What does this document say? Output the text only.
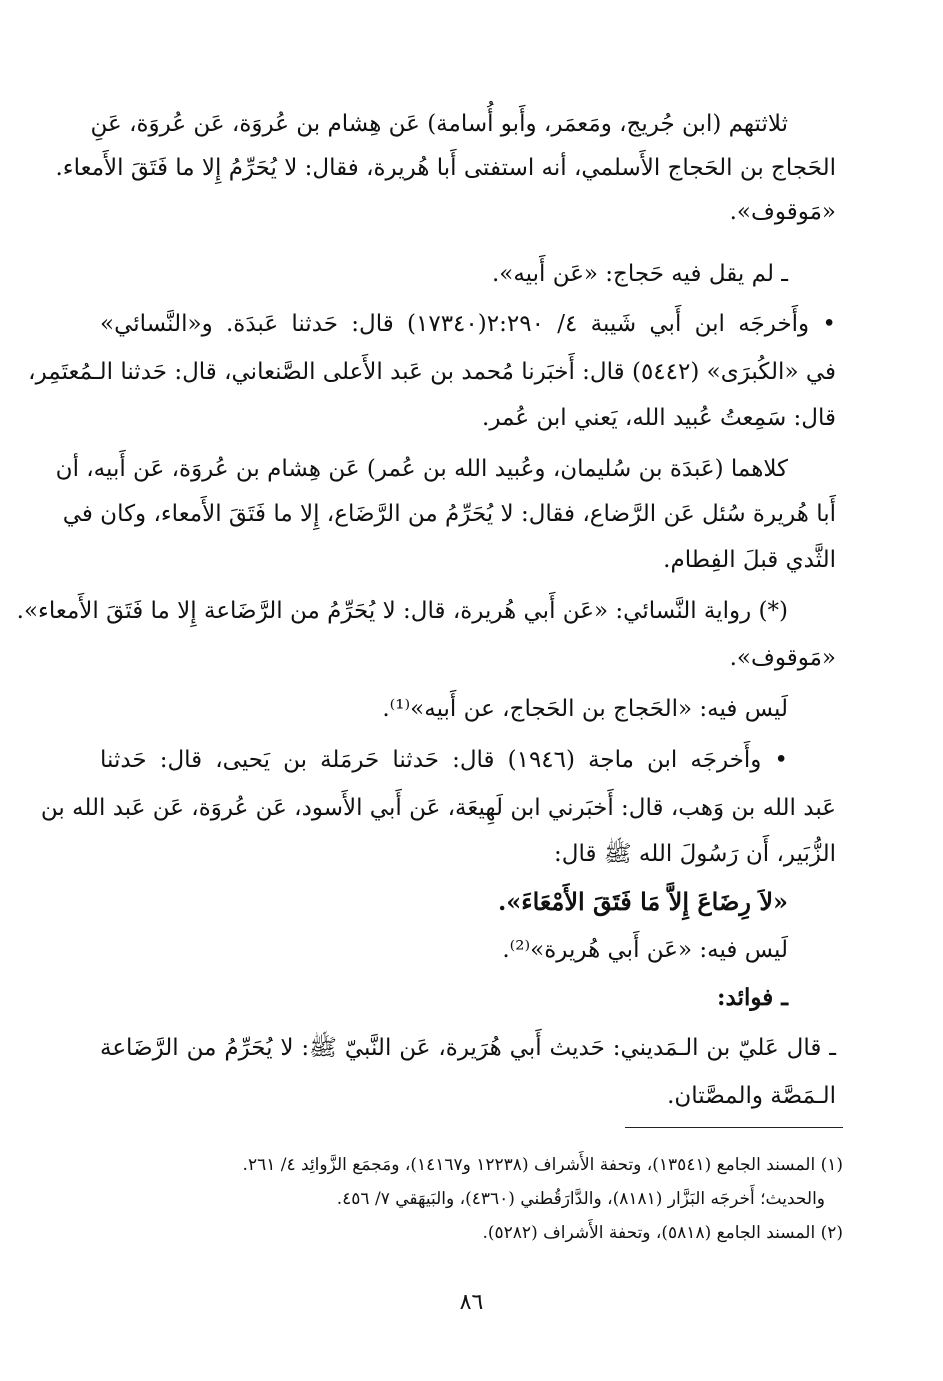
ثلاثتهم (ابن جُريج، ومَعمَر، وأَبو أُسامة) عَن هِشام بن عُروَة، عَن عُروَة، عَنِ
الحَجاج بن الحَجاج الأَسلمي، أنه استفتى أَبا هُريرة، فقال: لا يُحَرِّمُ إِلا ما فَتَقَ الأَمعاء.
«مَوقوف».
ـ لم يقل فيه حَجاج: «عَن أَبيه».
• وأَخرجَه ابن أَبي شَيبة ٤/ ٢:٢٩٠(١٧٣٤٠) قال: حَدثنا عَبدَة. و«النَّسائي»
في «الكُبرَى» (٥٤٤٢) قال: أَخبَرنا مُحمد بن عَبد الأَعلى الصَّنعاني، قال: حَدثنا الـمُعتَمِر،
قال: سَمِعتُ عُبيد الله، يَعني ابن عُمر.
كلاهما (عَبدَة بن سُليمان، وعُبيد الله بن عُمر) عَن هِشام بن عُروَة، عَن أَبيه، أن
أَبا هُريرة سُئل عَن الرَّضاع، فقال: لا يُحَرِّمُ من الرَّضَاع، إِلا ما فَتَقَ الأَمعاء، وكان في
الثَّدي قبلَ الفِطام.
(*) رواية النَّسائي: «عَن أَبي هُريرة، قال: لا يُحَرِّمُ من الرَّضَاعة إِلا ما فَتَقَ الأَمعاء».
«مَوقوف».
لَيس فيه: «الحَجاج بن الحَجاج، عن أَبيه»⁽¹⁾.
• وأَخرجَه ابن ماجة (١٩٤٦) قال: حَدثنا حَرمَلة بن يَحيى، قال: حَدثنا
عَبد الله بن وَهب، قال: أَخبَرني ابن لَهِيعَة، عَن أَبي الأَسود، عَن عُروَة، عَن عَبد الله بن
الزُّبَير، أَن رَسُولَ الله ﷺ قال:
«لاَ رِضَاعَ إِلاَّ مَا فَتَقَ الأَمْعَاءَ».
لَيس فيه: «عَن أَبي هُريرة»⁽²⁾.
ـ فوائد:
ـ قال عَليّ بن الـمَديني: حَديث أَبي هُرَيرة، عَن النَّبيّ ﷺ: لا يُحَرِّمُ من الرَّضَاعة
الـمَصَّة والمصَّتان.
(١) المسند الجامع (١٣٥٤١)، وتحفة الأَشراف (١٢٢٣٨ و١٤١٦٧)، ومَجمَع الزَّوائِد ٤/ ٢٦١.
والحديث؛ أَخرجَه البَزَّار (٨١٨١)، والدَّارَقُطني (٤٣٦٠)، والبَيهَقي ٧/ ٤٥٦.
(٢) المسند الجامع (٥٨١٨)، وتحفة الأَشراف (٥٢٨٢).
٨٦
